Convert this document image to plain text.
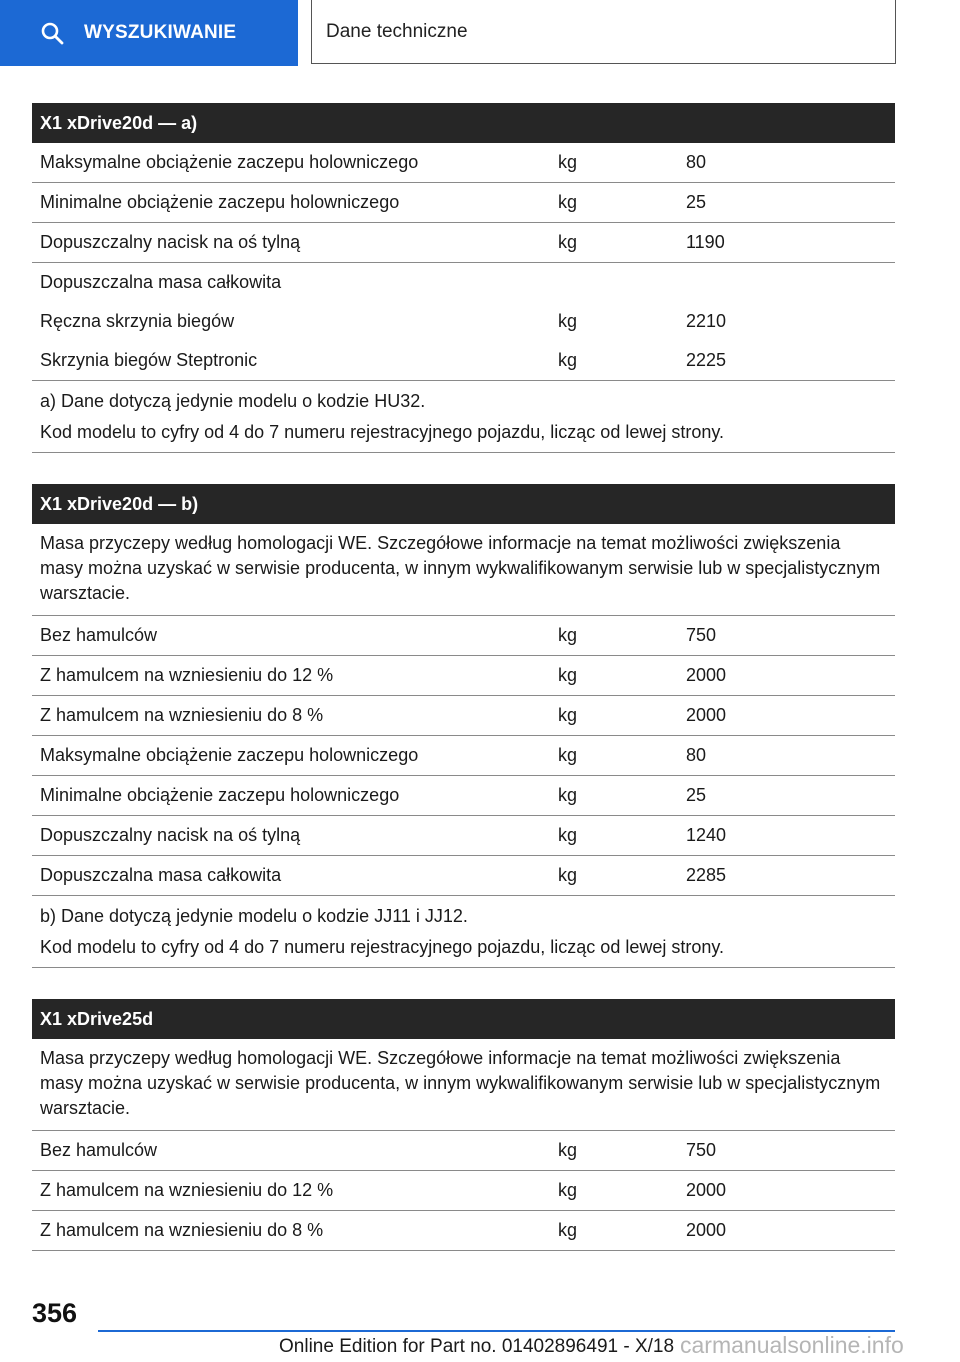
WYSZUKIWANIE	Dane techniczne
X1 xDrive20d — a)
Maksymalne obciążenie zaczepu holowniczego	kg	80
Minimalne obciążenie zaczepu holowniczego	kg	25
Dopuszczalny nacisk na oś tylną	kg	1190
Dopuszczalna masa całkowita
Ręczna skrzynia biegów	kg	2210
Skrzynia biegów Steptronic	kg	2225
a) Dane dotyczą jedynie modelu o kodzie HU32.
Kod modelu to cyfry od 4 do 7 numeru rejestracyjnego pojazdu, licząc od lewej strony.
X1 xDrive20d — b)
Masa przyczepy według homologacji WE. Szczegółowe informacje na temat możliwości zwiększenia masy można uzyskać w serwisie producenta, w innym wykwalifikowanym serwisie lub w specjalistycznym warsztacie.
Bez hamulców	kg	750
Z hamulcem na wzniesieniu do 12 %	kg	2000
Z hamulcem na wzniesieniu do 8 %	kg	2000
Maksymalne obciążenie zaczepu holowniczego	kg	80
Minimalne obciążenie zaczepu holowniczego	kg	25
Dopuszczalny nacisk na oś tylną	kg	1240
Dopuszczalna masa całkowita	kg	2285
b) Dane dotyczą jedynie modelu o kodzie JJ11 i JJ12.
Kod modelu to cyfry od 4 do 7 numeru rejestracyjnego pojazdu, licząc od lewej strony.
X1 xDrive25d
Masa przyczepy według homologacji WE. Szczegółowe informacje na temat możliwości zwiększenia masy można uzyskać w serwisie producenta, w innym wykwalifikowanym serwisie lub w specjalistycznym warsztacie.
Bez hamulców	kg	750
Z hamulcem na wzniesieniu do 12 %	kg	2000
Z hamulcem na wzniesieniu do 8 %	kg	2000
356
Online Edition for Part no. 01402896491 - X/18 carmanualsonline.info
